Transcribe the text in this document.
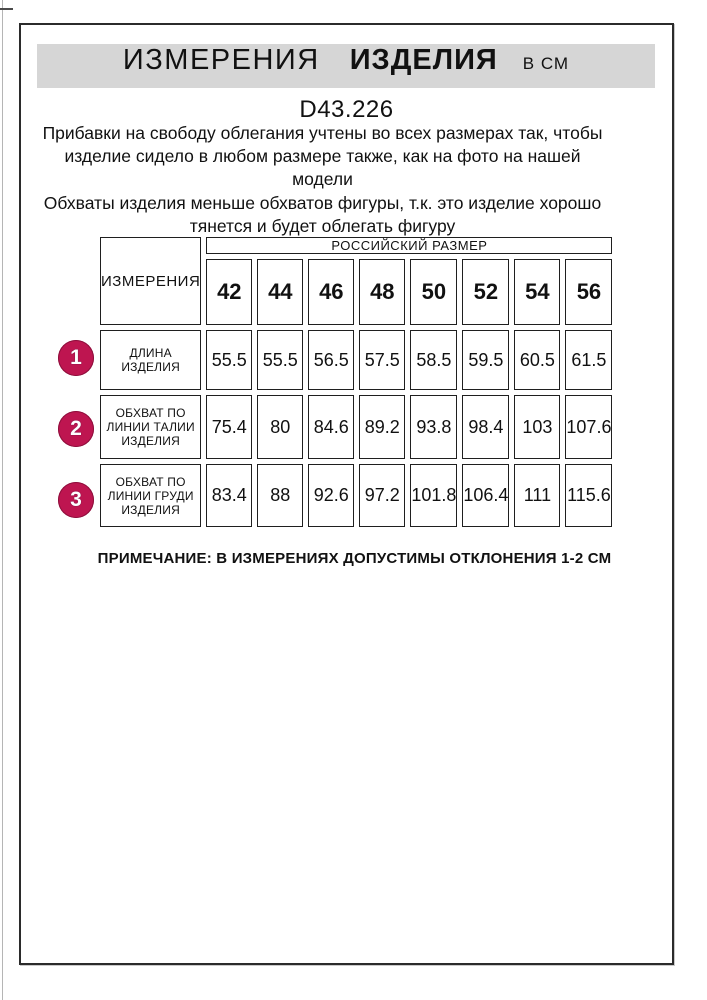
ИЗМЕРЕНИЯ ИЗДЕЛИЯ В СМ
D43.226
Прибавки на свободу облегания учтены во всех размерах так, чтобы
изделие сидело в любом размере также, как на фото на нашей
модели
Обхваты изделия меньше обхватов фигуры, т.к. это изделие хорошо
тянется и будет облегать фигуру
ИЗМЕРЕНИЯ	РОССИЙСКИЙ РАЗМЕР							
	42	44	46	48	50	52	54	56

ДЛИНА
ИЗДЕЛИЯ	55.5	55.5	56.5	57.5	58.5	59.5	60.5	61.5

ОБХВАТ ПО
ЛИНИИ ТАЛИИ
ИЗДЕЛИЯ	75.4	80	84.6	89.2	93.8	98.4	103	107.6

ОБХВАТ ПО
ЛИНИИ ГРУДИ
ИЗДЕЛИЯ	83.4	88	92.6	97.2	101.8	106.4	111	115.6
1
2
3
ПРИМЕЧАНИЕ: В ИЗМЕРЕНИЯХ ДОПУСТИМЫ ОТКЛОНЕНИЯ 1-2 СМ
